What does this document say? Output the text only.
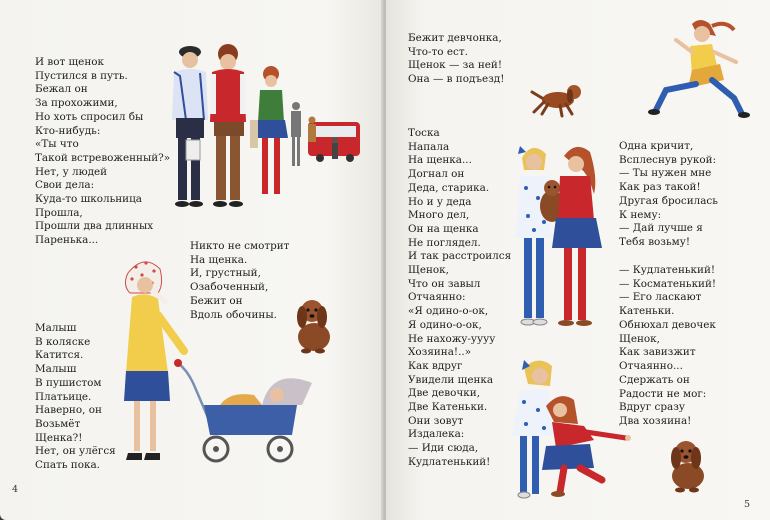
И вот щенок
Пустился в путь.
Бежал он
За прохожими,
Но хоть спросил бы
Кто-нибудь:
«Ты что
Такой встревоженный?»
Нет, у людей
Свои дела:
Куда-то школьница
Прошла,
Прошли два длинных
Паренька...	Никто не смотрит
На щенка.
И, грустный,
Озабоченный,
Бежит он
Вдоль обочины.

Малыш
В коляске
Катится.
Малыш
В пушистом
Платьице.
Наверно, он
Возьмёт
Щенка?!
Нет, он улёгся
Спать пока.

4

Бежит девчонка,
Что-то ест.
Щенок — за ней!
Она — в подъезд!

Тоска
Напала
На щенка...
Догнал он
Деда, старика.
Но и у деда
Много дел,
Он на щенка
Не поглядел.
И так расстроился
Щенок,
Что он завыл
Отчаянно:
«Я одино-о-ок,
Я одино-о-ок,
Не нахожу-уууу
Хозяина!..»
Как вдруг
Увидели щенка
Две девочки,
Две Катеньки.
Они зовут
Издалека:
— Иди сюда,
Кудлатенький!

Одна кричит,
Всплеснув рукой:
— Ты нужен мне
Как раз такой!

Другая бросилась
К нему:
— Дай лучше я
Тебя возьму!

— Кудлатенький!
— Косматенький!
— Его ласкают
Катеньки.

Обнюхал девочек
Щенок,
Как завизжит
Отчаянно...
Сдержать он
Радости не мог:
Вдруг сразу
Два хозяина!

5
